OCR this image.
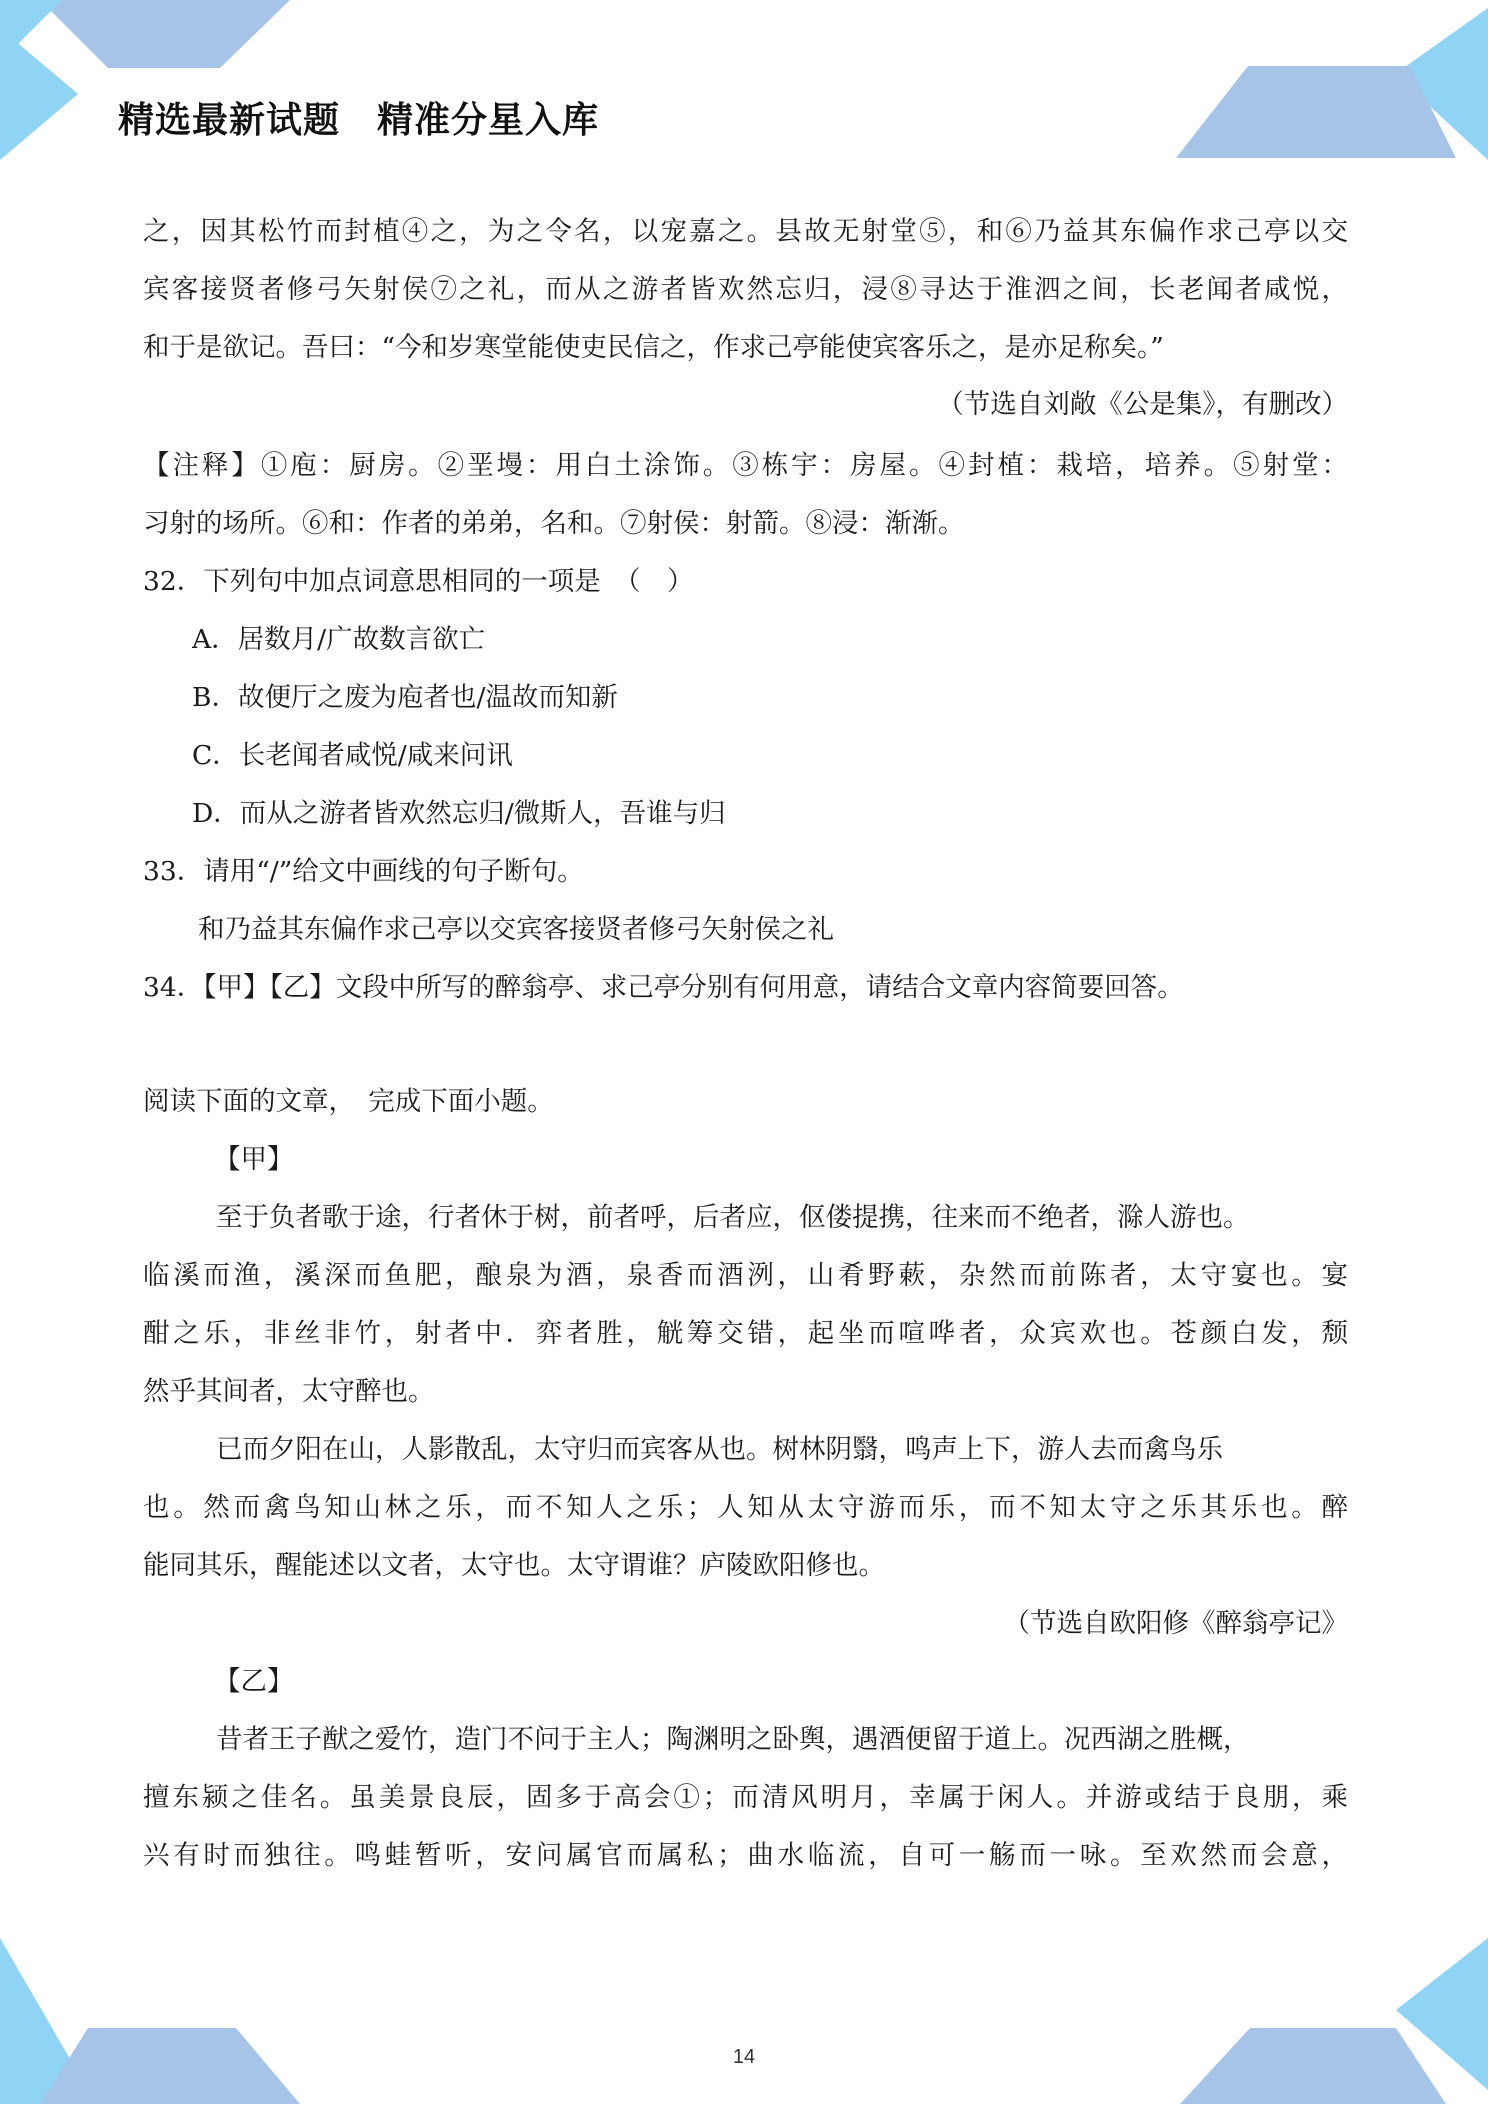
精选最新试题　精准分星入库
之，因其松竹而封植④之，为之令名，以宠嘉之。县故无射堂⑤，和⑥乃益其东偏作求己亭以交
宾客接贤者修弓矢射侯⑦之礼，而从之游者皆欢然忘归，浸⑧寻达于淮泗之间，长老闻者咸悦，
和于是欲记。吾曰：“今和岁寒堂能使吏民信之，作求己亭能使宾客乐之，是亦足称矣。”
（节选自刘敞《公是集》，有删改）
【注释】①庖：厨房。②垩墁：用白土涂饰。③栋宇：房屋。④封植：栽培，培养。⑤射堂：
习射的场所。⑥和：作者的弟弟，名和。⑦射侯：射箭。⑧浸：渐渐。
32．下列句中加点词意思相同的一项是　（　）
A．居数月/广故数言欲亡
B．故便厅之废为庖者也/温故而知新
C．长老闻者咸悦/咸来问讯
D．而从之游者皆欢然忘归/微斯人，吾谁与归
33．请用“/”给文中画线的句子断句。
和乃益其东偏作求己亭以交宾客接贤者修弓矢射侯之礼
34．【甲】【乙】文段中所写的醉翁亭、求己亭分别有何用意，请结合文章内容简要回答。
阅读下面的文章，　完成下面小题。
【甲】
至于负者歌于途，行者休于树，前者呼，后者应，伛偻提携，往来而不绝者，滁人游也。
临溪而渔，溪深而鱼肥，酿泉为酒，泉香而酒洌，山肴野蔌，杂然而前陈者，太守宴也。宴
酣之乐，非丝非竹，射者中．弈者胜，觥筹交错，起坐而喧哗者，众宾欢也。苍颜白发，颓
然乎其间者，太守醉也。
已而夕阳在山，人影散乱，太守归而宾客从也。树林阴翳，鸣声上下，游人去而禽鸟乐
也。然而禽鸟知山林之乐，而不知人之乐；人知从太守游而乐，而不知太守之乐其乐也。醉
能同其乐，醒能述以文者，太守也。太守谓谁？庐陵欧阳修也。
（节选自欧阳修《醉翁亭记》
【乙】
昔者王子猷之爱竹，造门不问于主人；陶渊明之卧舆，遇酒便留于道上。况西湖之胜概，
擅东颍之佳名。虽美景良辰，固多于高会①；而清风明月，幸属于闲人。并游或结于良朋，乘
兴有时而独往。鸣蛙暂听，安问属官而属私；曲水临流，自可一觞而一咏。至欢然而会意，
14
